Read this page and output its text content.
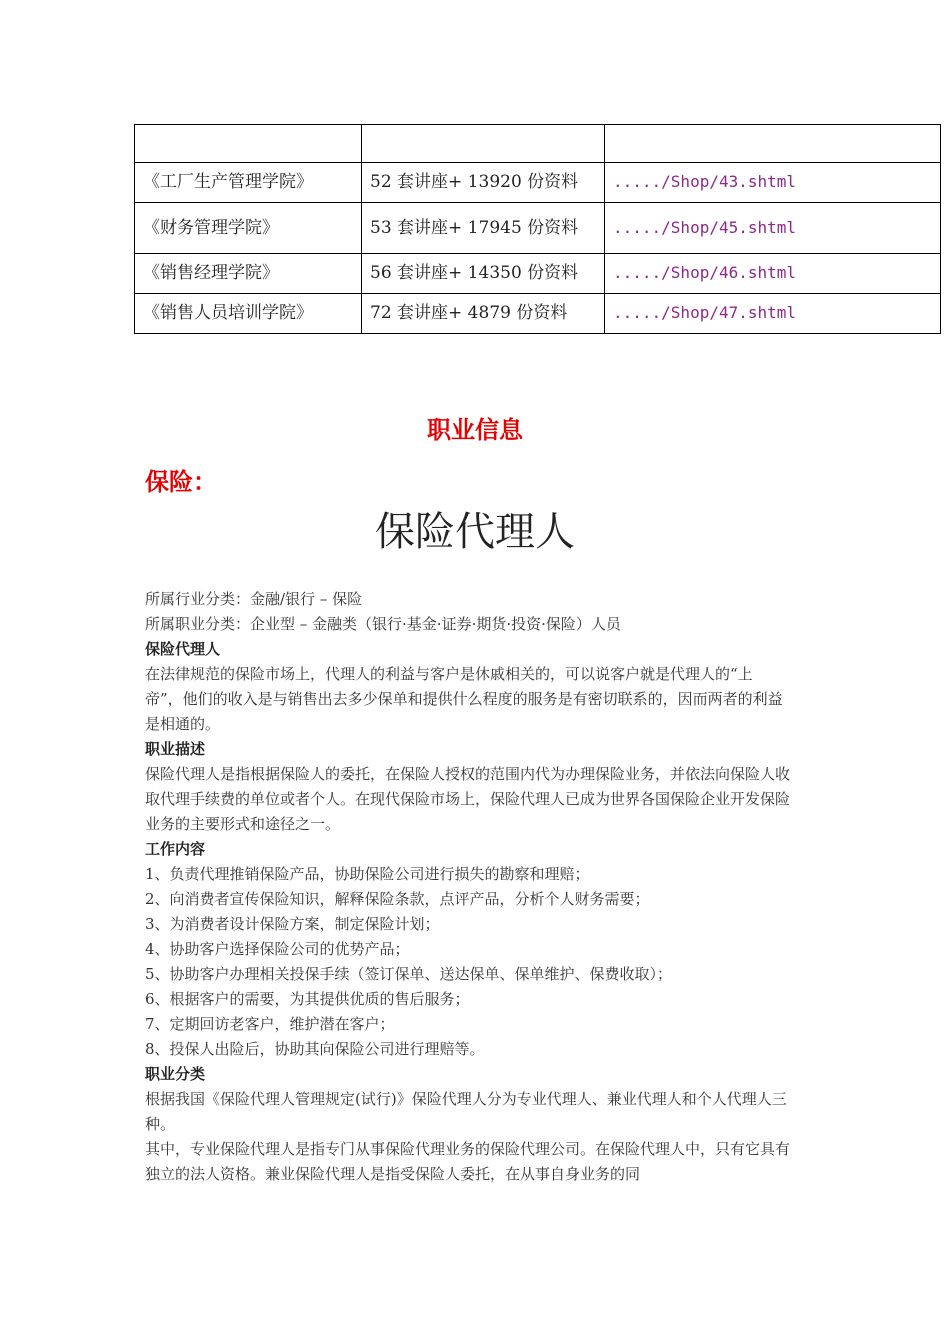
《工厂生产管理学院》	52 套讲座+ 13920 份资料	...../Shop/43.shtml
《财务管理学院》	53 套讲座+ 17945 份资料	...../Shop/45.shtml
《销售经理学院》	56 套讲座+ 14350 份资料	...../Shop/46.shtml
《销售人员培训学院》	72 套讲座+ 4879 份资料	...../Shop/47.shtml
职业信息
保险：
保险代理人

所属行业分类：金融/银行 – 保险

所属职业分类：企业型 – 金融类（银行·基金·证券·期货·投资·保险）人员

保险代理人

在法律规范的保险市场上，代理人的利益与客户是休戚相关的，可以说客户就是代理人的“上帝”，他们的收入是与销售出去多少保单和提供什么程度的服务是有密切联系的，因而两者的利益是相通的。

职业描述

保险代理人是指根据保险人的委托，在保险人授权的范围内代为办理保险业务，并依法向保险人收取代理手续费的单位或者个人。在现代保险市场上，保险代理人已成为世界各国保险企业开发保险业务的主要形式和途径之一。

工作内容

1、负责代理推销保险产品，协助保险公司进行损失的勘察和理赔；

2、向消费者宣传保险知识，解释保险条款，点评产品，分析个人财务需要；

3、为消费者设计保险方案，制定保险计划；

4、协助客户选择保险公司的优势产品；

5、协助客户办理相关投保手续（签订保单、送达保单、保单维护、保费收取）；

6、根据客户的需要，为其提供优质的售后服务；

7、定期回访老客户，维护潜在客户；

8、投保人出险后，协助其向保险公司进行理赔等。

职业分类

根据我国《保险代理人管理规定(试行)》保险代理人分为专业代理人、兼业代理人和个人代理人三种。

其中，专业保险代理人是指专门从事保险代理业务的保险代理公司。在保险代理人中，只有它具有独立的法人资格。兼业保险代理人是指受保险人委托，在从事自身业务的同
